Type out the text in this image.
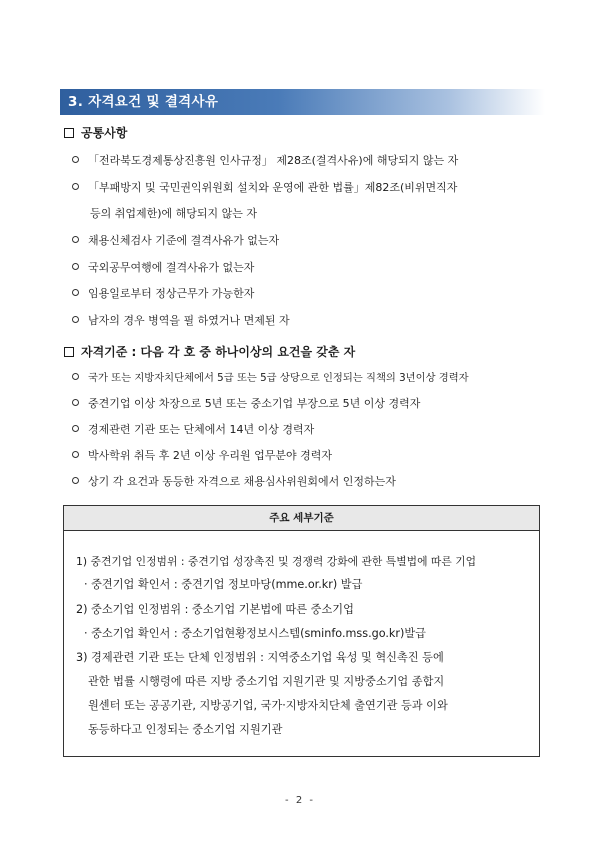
3. 자격요건 및 결격사유
공통사항
「전라북도경제통상진흥원 인사규정」 제28조(결격사유)에 해당되지 않는 자
「부패방지 및 국민권익위원회 설치와 운영에 관한 법률」제82조(비위면직자
등의 취업제한)에 해당되지 않는 자
채용신체검사 기준에 결격사유가 없는자
국외공무여행에 결격사유가 없는자
임용일로부터 정상근무가 가능한자
남자의 경우 병역을 필 하였거나 면제된 자
자격기준 : 다음 각 호 중 하나이상의 요건을 갖춘 자
국가 또는 지방자치단체에서 5급 또는 5급 상당으로 인정되는 직책의 3년이상 경력자
중견기업 이상 차장으로 5년 또는 중소기업 부장으로 5년 이상 경력자
경제관련 기관 또는 단체에서 14년 이상 경력자
박사학위 취득 후 2년 이상 우리원 업무분야 경력자
상기 각 요건과 동등한 자격으로 채용심사위원회에서 인정하는자
주요 세부기준
1) 중견기업 인정범위 : 중견기업 성장촉진 및 경쟁력 강화에 관한 특별법에 따른 기업
· 중견기업 확인서 : 중견기업 정보마당(mme.or.kr) 발급
2) 중소기업 인정범위 : 중소기업 기본법에 따른 중소기업
· 중소기업 확인서 : 중소기업현황정보시스템(sminfo.mss.go.kr)발급
3) 경제관련 기관 또는 단체 인정범위 : 지역중소기업 육성 및 혁신촉진 등에
관한 법률 시행령에 따른 지방 중소기업 지원기관 및 지방중소기업 종합지
원센터 또는 공공기관, 지방공기업, 국가·지방자치단체 출연기관 등과 이와
동등하다고 인정되는 중소기업 지원기관
- 2 -
